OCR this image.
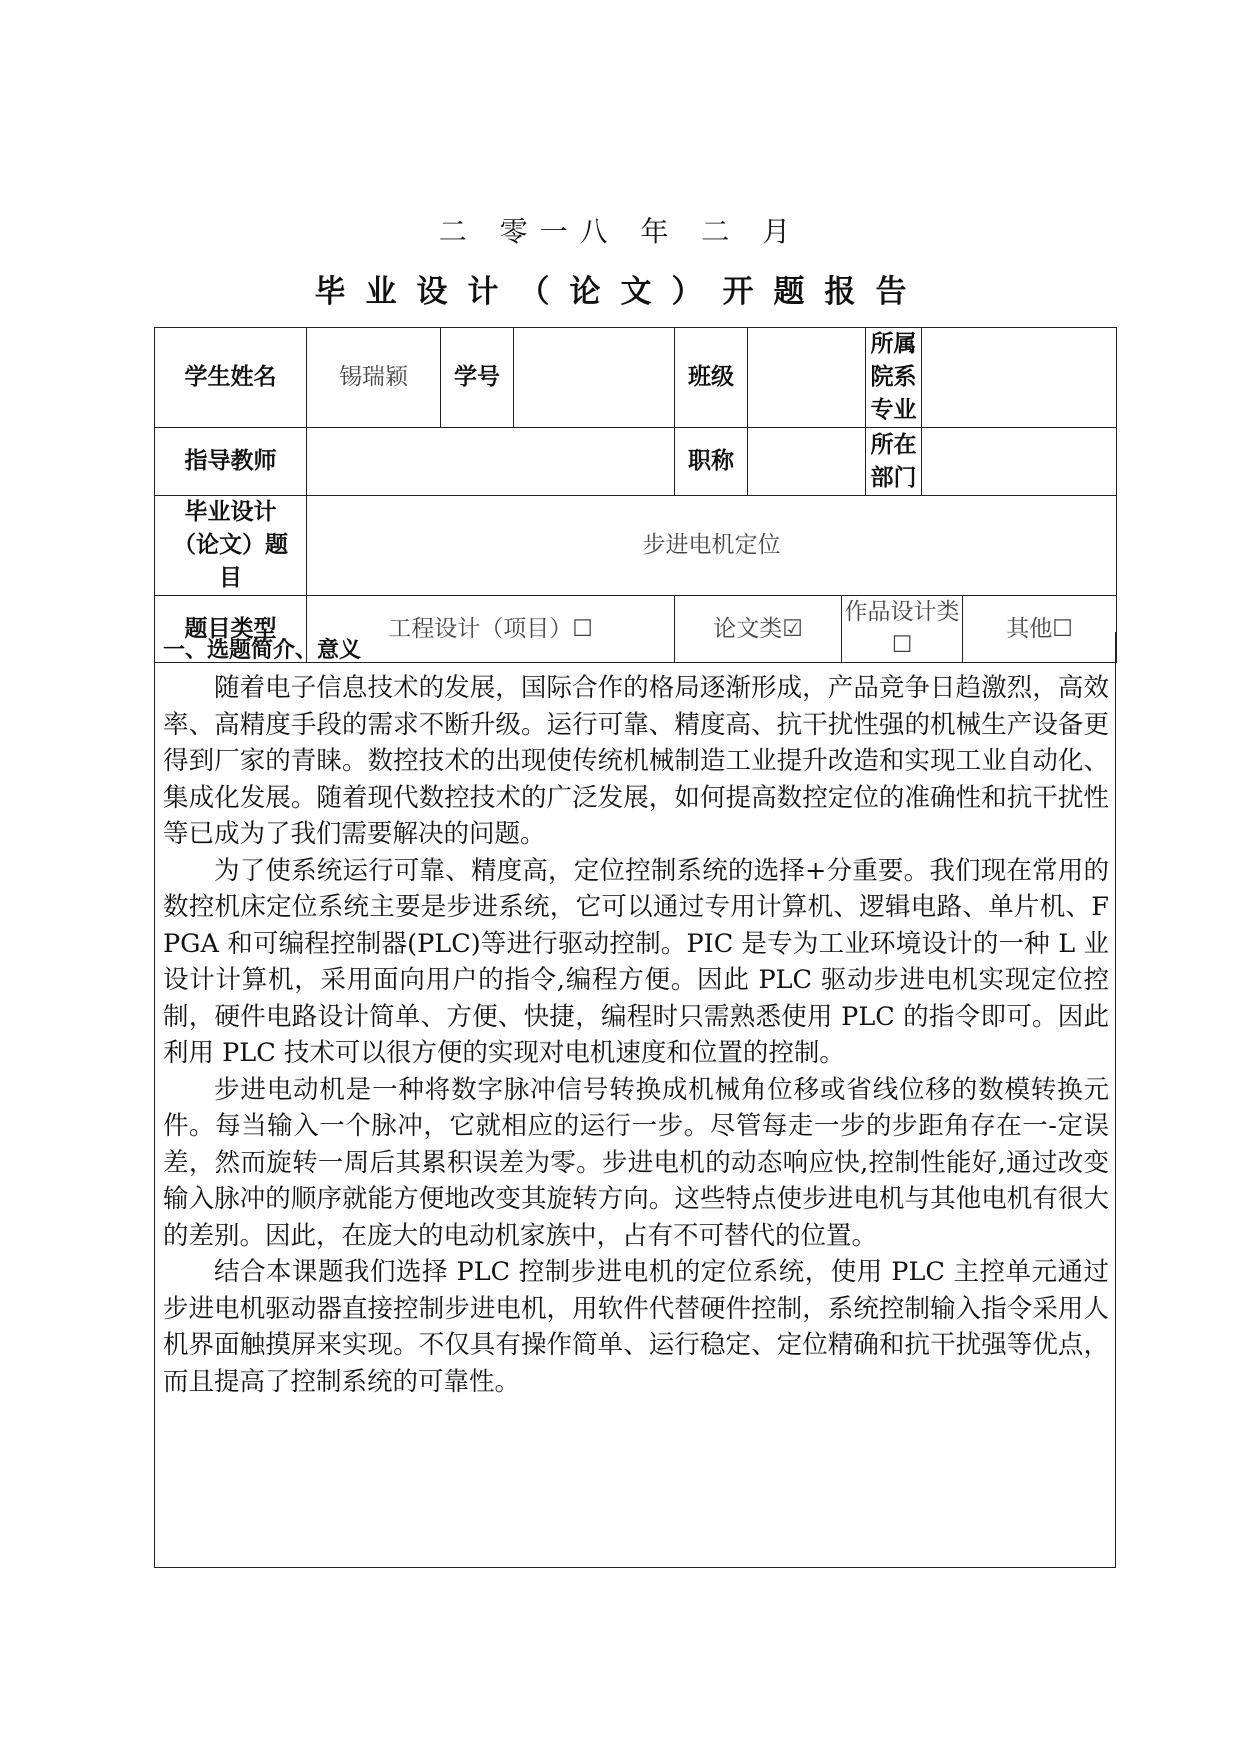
二 零一八 年 二 月
毕业设计（论文）开题报告
学生姓名	锡瑞颖	学号		班级			所属院系专业		
指导教师				职称			所在部门		
毕业设计（论文）题目	步进电机定位								
题目类型	工程设计（项目）☐			论文类☑		作品设计类☐			其他☐
一、选题简介、意义

随着电子信息技术的发展，国际合作的格局逐渐形成，产品竞争日趋激烈，高效率、高精度手段的需求不断升级。运行可靠、精度高、抗干扰性强的机械生产设备更得到厂家的青睐。数控技术的出现使传统机械制造工业提升改造和实现工业自动化、集成化发展。随着现代数控技术的广泛发展，如何提高数控定位的准确性和抗干扰性等已成为了我们需要解决的问题。

为了使系统运行可靠、精度高，定位控制系统的选择+分重要。我们现在常用的数控机床定位系统主要是步进系统，它可以通过专用计算机、逻辑电路、单片机、FPGA 和可编程控制器(PLC)等进行驱动控制。PIC 是专为工业环境设计的一种 L 业设计计算机，采用面向用户的指令,编程方便。因此 PLC 驱动步进电机实现定位控制，硬件电路设计简单、方便、快捷，编程时只需熟悉使用 PLC 的指令即可。因此利用 PLC 技术可以很方便的实现对电机速度和位置的控制。

步进电动机是一种将数字脉冲信号转换成机械角位移或省线位移的数模转换元件。每当输入一个脉冲，它就相应的运行一步。尽管每走一步的步距角存在一-定误差，然而旋转一周后其累积误差为零。步进电机的动态响应快,控制性能好,通过改变输入脉冲的顺序就能方便地改变其旋转方向。这些特点使步进电机与其他电机有很大的差别。因此，在庞大的电动机家族中，占有不可替代的位置。

结合本课题我们选择 PLC 控制步进电机的定位系统，使用 PLC 主控单元通过步进电机驱动器直接控制步进电机，用软件代替硬件控制，系统控制输入指令采用人机界面触摸屏来实现。不仅具有操作简单、运行稳定、定位精确和抗干扰强等优点，而且提高了控制系统的可靠性。
